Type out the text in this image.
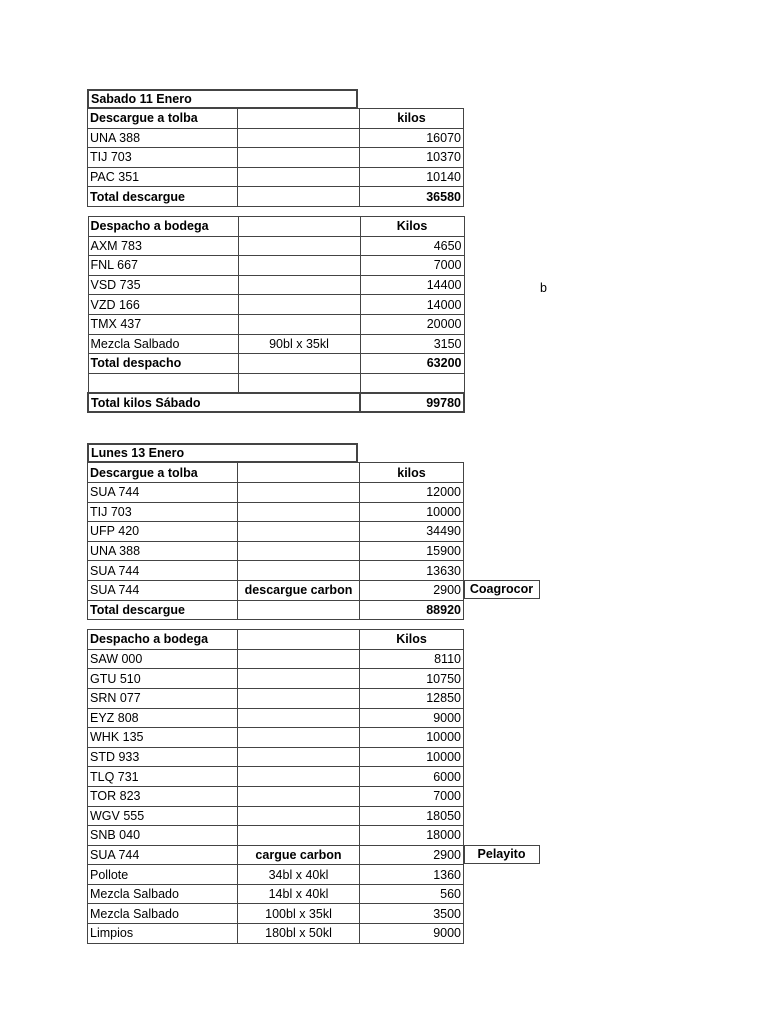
Sabado 11 Enero
Descargue a tolba		kilos
UNA 388		16070
TIJ 703		10370
PAC 351		10140
Total descargue		36580
Despacho a bodega		Kilos
AXM 783		4650
FNL 667		7000
VSD 735		14400
VZD 166		14000
TMX 437		20000
Mezcla Salbado	90bl x 35kl	3150
Total despacho		63200

Total kilos Sábado		99780
Lunes 13 Enero
Descargue a tolba		kilos
SUA 744		12000
TIJ 703		10000
UFP 420		34490
UNA 388		15900
SUA 744		13630
SUA 744	descargue carbon	2900	Coagrocor

Total descargue		88920
Despacho a bodega		Kilos
SAW 000		8110
GTU 510		10750
SRN 077		12850
EYZ 808		9000
WHK 135		10000
STD 933		10000
TLQ 731		6000
TOR 823		7000
WGV 555		18050
SNB 040		18000
SUA 744	cargue carbon	2900		Pelayito

Pollote	34bl x 40kl	1360
Mezcla Salbado	14bl x 40kl	560
Mezcla Salbado	100bl x 35kl	3500
Limpios	180bl x 50kl	9000
b
